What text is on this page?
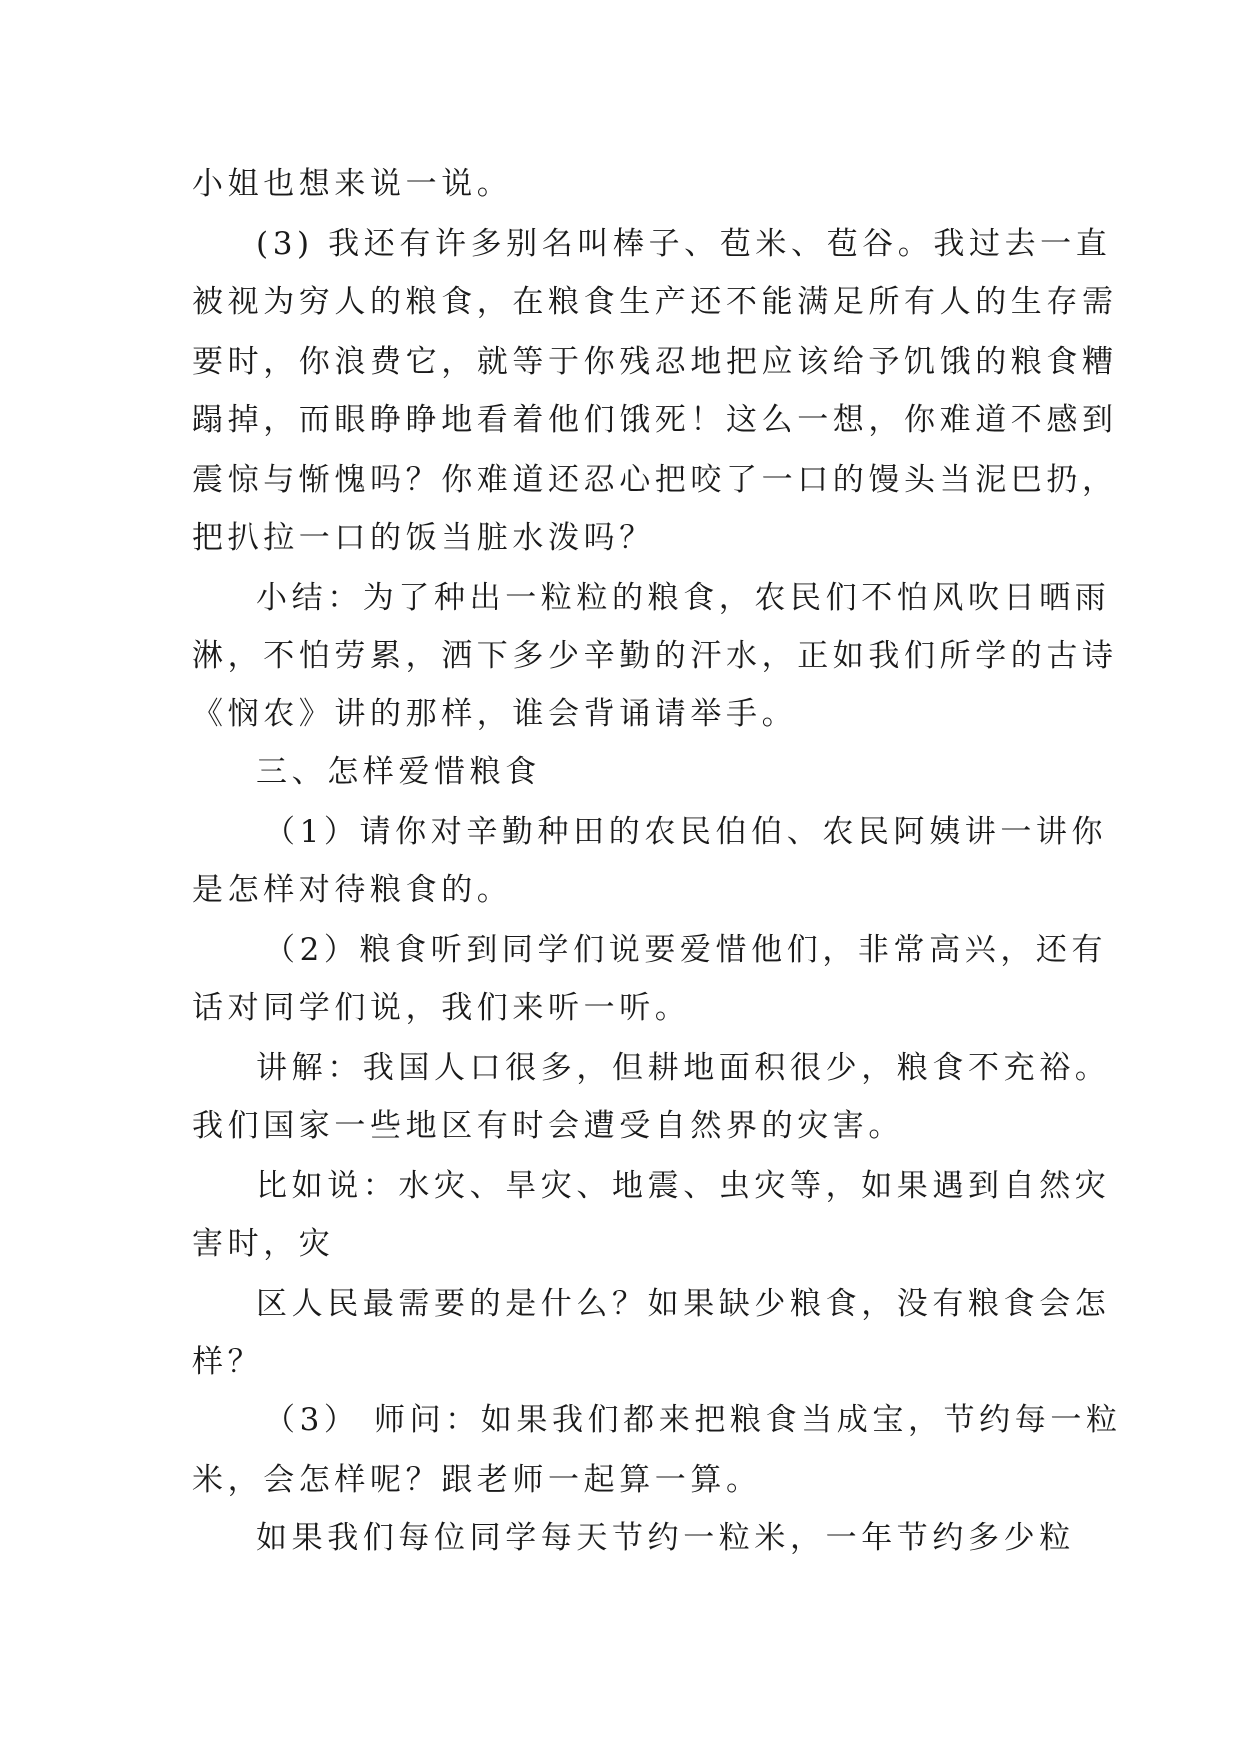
小姐也想来说一说。
(3) 我还有许多别名叫棒子、苞米、苞谷。我过去一直
被视为穷人的粮食，在粮食生产还不能满足所有人的生存需
要时，你浪费它，就等于你残忍地把应该给予饥饿的粮食糟
蹋掉，而眼睁睁地看着他们饿死！这么一想，你难道不感到
震惊与惭愧吗？你难道还忍心把咬了一口的馒头当泥巴扔，
把扒拉一口的饭当脏水泼吗？
小结：为了种出一粒粒的粮食，农民们不怕风吹日晒雨
淋，不怕劳累，洒下多少辛勤的汗水，正如我们所学的古诗
《悯农》讲的那样，谁会背诵请举手。
三、怎样爱惜粮食
（1）请你对辛勤种田的农民伯伯、农民阿姨讲一讲你
是怎样对待粮食的。
（2）粮食听到同学们说要爱惜他们，非常高兴，还有
话对同学们说，我们来听一听。
讲解：我国人口很多，但耕地面积很少，粮食不充裕。
我们国家一些地区有时会遭受自然界的灾害。
比如说：水灾、旱灾、地震、虫灾等，如果遇到自然灾
害时，灾
区人民最需要的是什么？如果缺少粮食，没有粮食会怎
样？
（3） 师问：如果我们都来把粮食当成宝，节约每一粒
米，会怎样呢？跟老师一起算一算。
如果我们每位同学每天节约一粒米，一年节约多少粒
